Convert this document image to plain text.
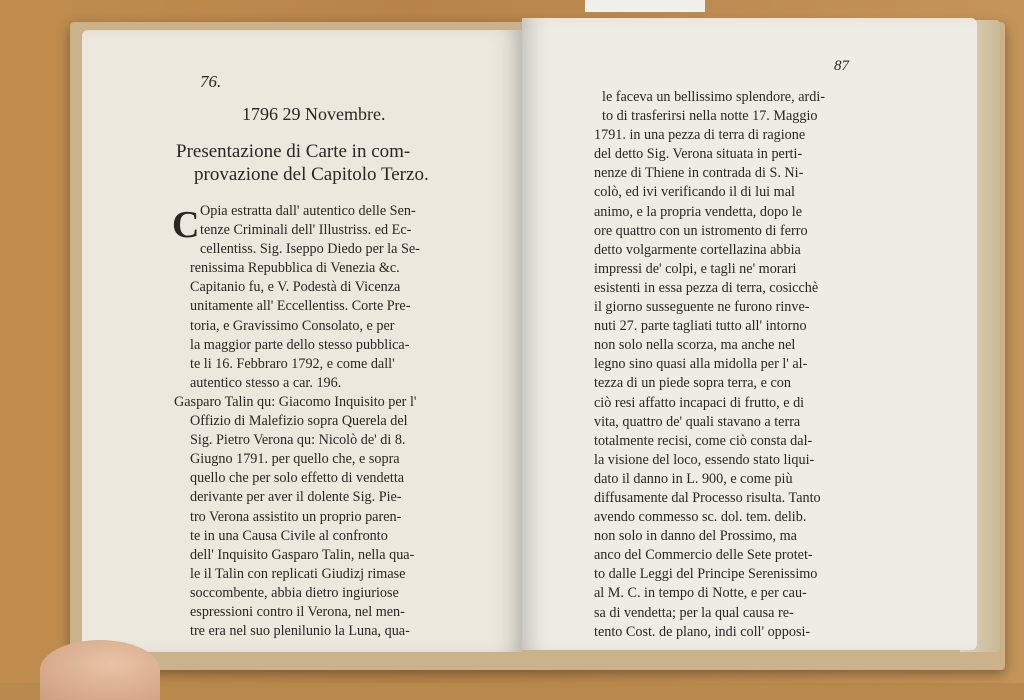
76.
1796 29 Novembre.
Presentazione di Carte in com-
provazione del Capitolo Terzo.
C Opia estratta dall' autentico delle Sen-
tenze Criminali dell' Illustriss. ed Ec-
cellentiss. Sig. Iseppo Diedo per la Se-
renissima Repubblica di Venezia &c.
Capitanio fu, e V. Podestà di Vicenza
unitamente all' Eccellentiss. Corte Pre-
toria, e Gravissimo Consolato, e per
la maggior parte dello stesso pubblica-
te li 16. Febbraro 1792, e come dall'
autentico stesso a car. 196.
Gasparo Talin qu: Giacomo Inquisito per l'
Offizio di Malefizio sopra Querela del
Sig. Pietro Verona qu: Nicolò de' di 8.
Giugno 1791. per quello che, e sopra
quello che per solo effetto di vendetta
derivante per aver il dolente Sig. Pie-
tro Verona assistito un proprio paren-
te in una Causa Civile al confronto
dell' Inquisito Gasparo Talin, nella qua-
le il Talin con replicati Giudizj rimase
soccombente, abbia dietro ingiuriose
espressioni contro il Verona, nel men-
tre era nel suo plenilunio la Luna, qua-
87
le faceva un bellissimo splendore, ardi-
to di trasferirsi nella notte 17. Maggio
1791. in una pezza di terra di ragione
del detto Sig. Verona situata in perti-
nenze di Thiene in contrada di S. Ni-
colò, ed ivi verificando il di lui mal
animo, e la propria vendetta, dopo le
ore quattro con un istromento di ferro
detto volgarmente cortellazina abbia
impressi de' colpi, e tagli ne' morari
esistenti in essa pezza di terra, cosicchè
il giorno susseguente ne furono rinve-
nuti 27. parte tagliati tutto all' intorno
non solo nella scorza, ma anche nel
legno sino quasi alla midolla per l' al-
tezza di un piede sopra terra, e con
ciò resi affatto incapaci di frutto, e di
vita, quattro de' quali stavano a terra
totalmente recisi, come ciò consta dal-
la visione del loco, essendo stato liqui-
dato il danno in L. 900, e come più
diffusamente dal Processo risulta. Tanto
avendo commesso sc. dol. tem. delib.
non solo in danno del Prossimo, ma
anco del Commercio delle Sete protet-
to dalle Leggi del Principe Serenissimo
al M. C. in tempo di Notte, e per cau-
sa di vendetta; per la qual causa re-
tento Cost. de plano, indi coll' opposi-
